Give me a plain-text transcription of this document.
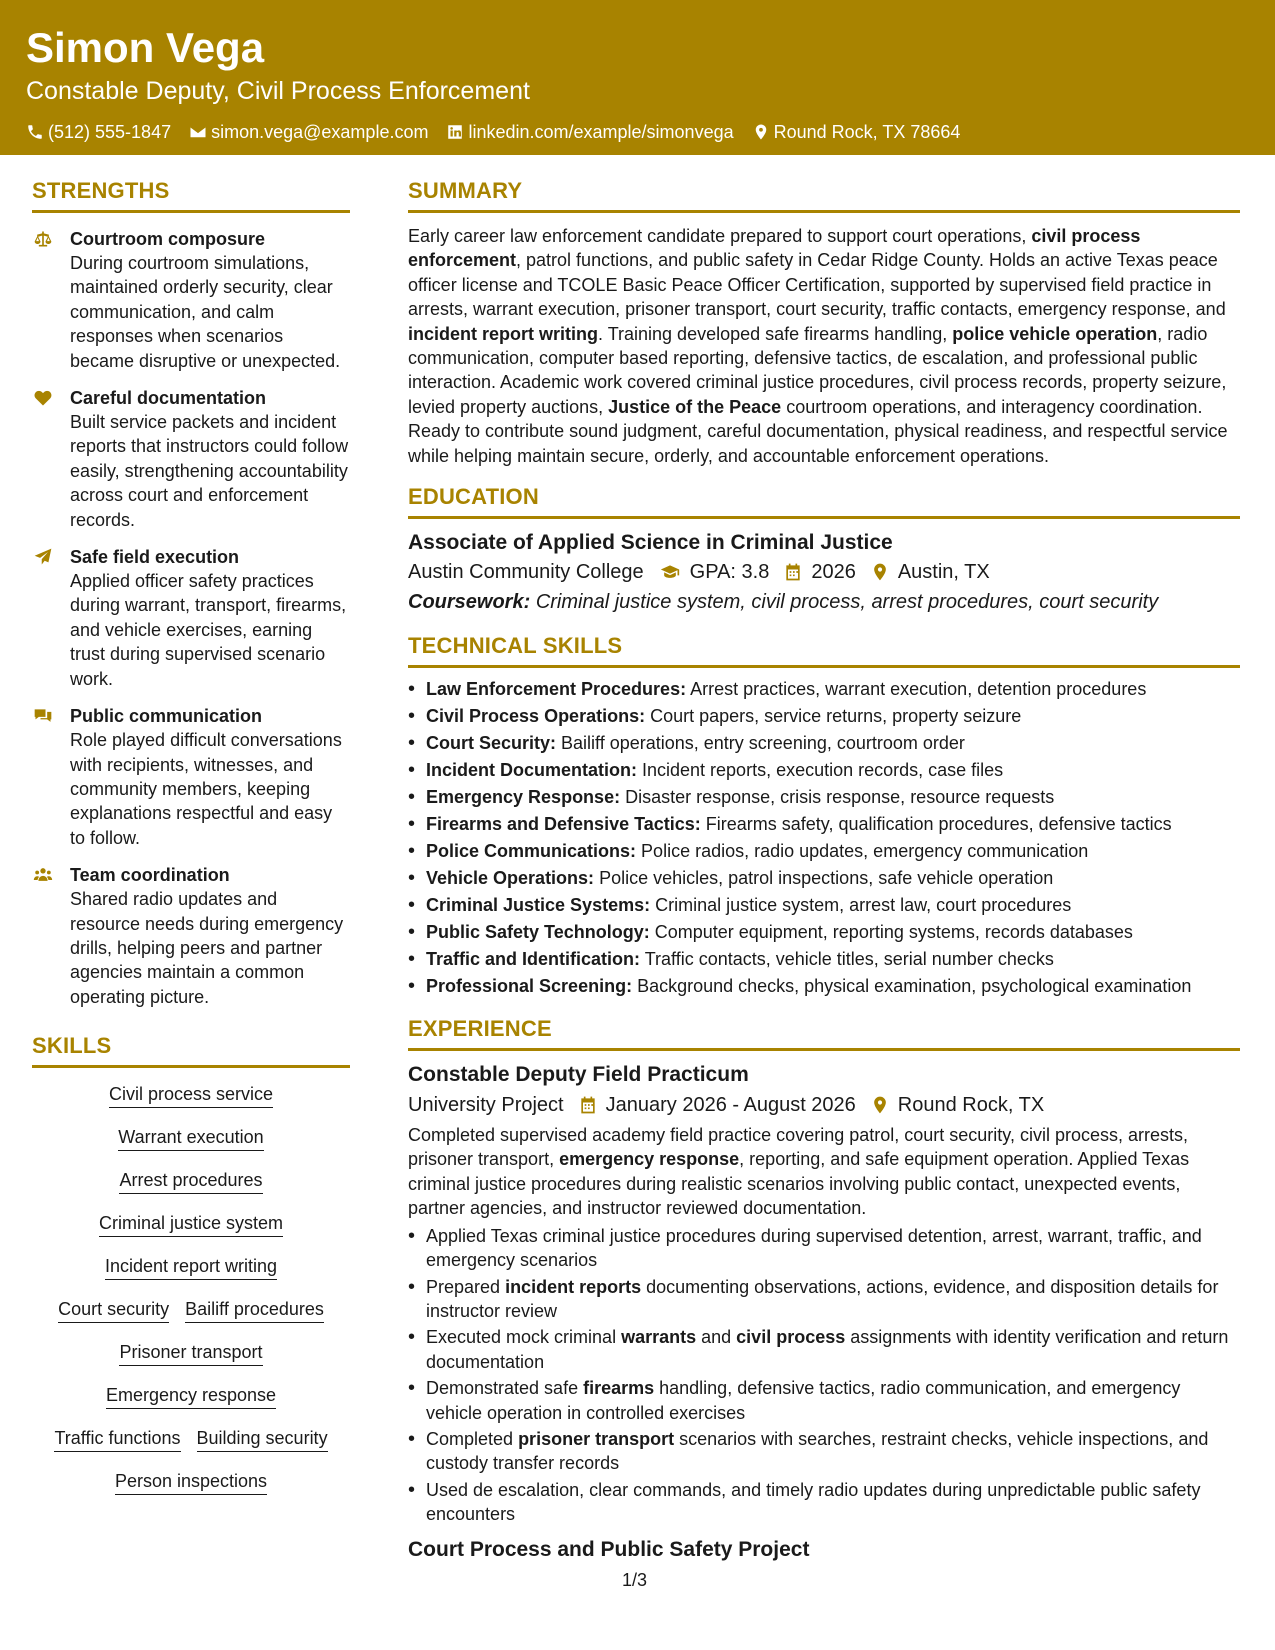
Simon Vega
Constable Deputy, Civil Process Enforcement
(512) 555-1847 simon.vega@example.com linkedin.com/example/simonvega Round Rock, TX 78664
STRENGTHS
Courtroom composure
During courtroom simulations, maintained orderly security, clear communication, and calm responses when scenarios became disruptive or unexpected.
Careful documentation
Built service packets and incident reports that instructors could follow easily, strengthening accountability across court and enforcement records.
Safe field execution
Applied officer safety practices during warrant, transport, firearms, and vehicle exercises, earning trust during supervised scenario work.
Public communication
Role played difficult conversations with recipients, witnesses, and community members, keeping explanations respectful and easy to follow.
Team coordination
Shared radio updates and resource needs during emergency drills, helping peers and partner agencies maintain a common operating picture.
SKILLS
Civil process service
Warrant execution
Arrest procedures
Criminal justice system
Incident report writing
Court security Bailiff procedures
Prisoner transport
Emergency response
Traffic functions Building security
Person inspections
SUMMARY

Early career law enforcement candidate prepared to support court operations, civil process enforcement, patrol functions, and public safety in Cedar Ridge County. Holds an active Texas peace officer license and TCOLE Basic Peace Officer Certification, supported by supervised field practice in arrests, warrant execution, prisoner transport, court security, traffic contacts, emergency response, and incident report writing. Training developed safe firearms handling, police vehicle operation, radio communication, computer based reporting, defensive tactics, de escalation, and professional public interaction. Academic work covered criminal justice procedures, civil process records, property seizure, levied property auctions, Justice of the Peace courtroom operations, and interagency coordination. Ready to contribute sound judgment, careful documentation, physical readiness, and respectful service while helping maintain secure, orderly, and accountable enforcement operations.

EDUCATION
Associate of Applied Science in Criminal Justice
Austin Community College GPA: 3.8 2026 Austin, TX
Coursework: Criminal justice system, civil process, arrest procedures, court security
TECHNICAL SKILLS
• Law Enforcement Procedures: Arrest practices, warrant execution, detention procedures
• Civil Process Operations: Court papers, service returns, property seizure
• Court Security: Bailiff operations, entry screening, courtroom order
• Incident Documentation: Incident reports, execution records, case files
• Emergency Response: Disaster response, crisis response, resource requests
• Firearms and Defensive Tactics: Firearms safety, qualification procedures, defensive tactics
• Police Communications: Police radios, radio updates, emergency communication
• Vehicle Operations: Police vehicles, patrol inspections, safe vehicle operation
• Criminal Justice Systems: Criminal justice system, arrest law, court procedures
• Public Safety Technology: Computer equipment, reporting systems, records databases
• Traffic and Identification: Traffic contacts, vehicle titles, serial number checks
• Professional Screening: Background checks, physical examination, psychological examination
EXPERIENCE
Constable Deputy Field Practicum
University Project January 2026 - August 2026 Round Rock, TX

Completed supervised academy field practice covering patrol, court security, civil process, arrests, prisoner transport, emergency response, reporting, and safe equipment operation. Applied Texas criminal justice procedures during realistic scenarios involving public contact, unexpected events, partner agencies, and instructor reviewed documentation.

• Applied Texas criminal justice procedures during supervised detention, arrest, warrant, traffic, and emergency scenarios
• Prepared incident reports documenting observations, actions, evidence, and disposition details for instructor review
• Executed mock criminal warrants and civil process assignments with identity verification and return documentation
• Demonstrated safe firearms handling, defensive tactics, radio communication, and emergency vehicle operation in controlled exercises
• Completed prisoner transport scenarios with searches, restraint checks, vehicle inspections, and custody transfer records
• Used de escalation, clear commands, and timely radio updates during unpredictable public safety encounters
Court Process and Public Safety Project
1/3
